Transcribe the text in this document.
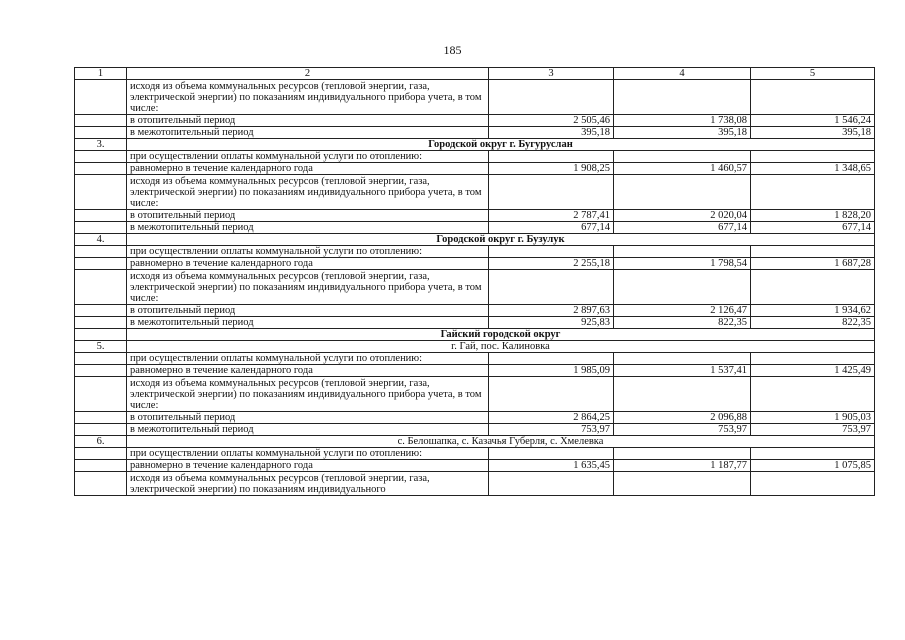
185
1	2	3	4	5
	исходя из объема коммунальных ресурсов (тепловой энергии, газа, электрической энергии) по показаниям индивидуального прибора учета, в том числе:			
	в отопительный период	2 505,46	1 738,08	1 546,24
	в межотопительный период	395,18	395,18	395,18
3.	Городской округ г. Бугуруслан			
	при осуществлении оплаты коммунальной услуги по отоплению:			
	равномерно в течение календарного года	1 908,25	1 460,57	1 348,65
	исходя из объема коммунальных ресурсов (тепловой энергии, газа, электрической энергии) по показаниям индивидуального прибора учета, в том числе:			
	в отопительный период	2 787,41	2 020,04	1 828,20
	в межотопительный период	677,14	677,14	677,14
4.	Городской округ г. Бузулук			
	при осуществлении оплаты коммунальной услуги по отоплению:			
	равномерно в течение календарного года	2 255,18	1 798,54	1 687,28
	исходя из объема коммунальных ресурсов (тепловой энергии, газа, электрической энергии) по показаниям индивидуального прибора учета, в том числе:			
	в отопительный период	2 897,63	2 126,47	1 934,62
	в межотопительный период	925,83	822,35	822,35
	Гайский городской округ			
5.	г. Гай, пос. Калиновка			
	при осуществлении оплаты коммунальной услуги по отоплению:			
	равномерно в течение календарного года	1 985,09	1 537,41	1 425,49
	исходя из объема коммунальных ресурсов (тепловой энергии, газа, электрической энергии) по показаниям индивидуального прибора учета, в том числе:			
	в отопительный период	2 864,25	2 096,88	1 905,03
	в межотопительный период	753,97	753,97	753,97
6.	с. Белошапка, с. Казачья Губерля, с. Хмелевка			
	при осуществлении оплаты коммунальной услуги по отоплению:			
	равномерно в течение календарного года	1 635,45	1 187,77	1 075,85
	исходя из объема коммунальных ресурсов (тепловой энергии, газа, электрической энергии) по показаниям индивидуального			
